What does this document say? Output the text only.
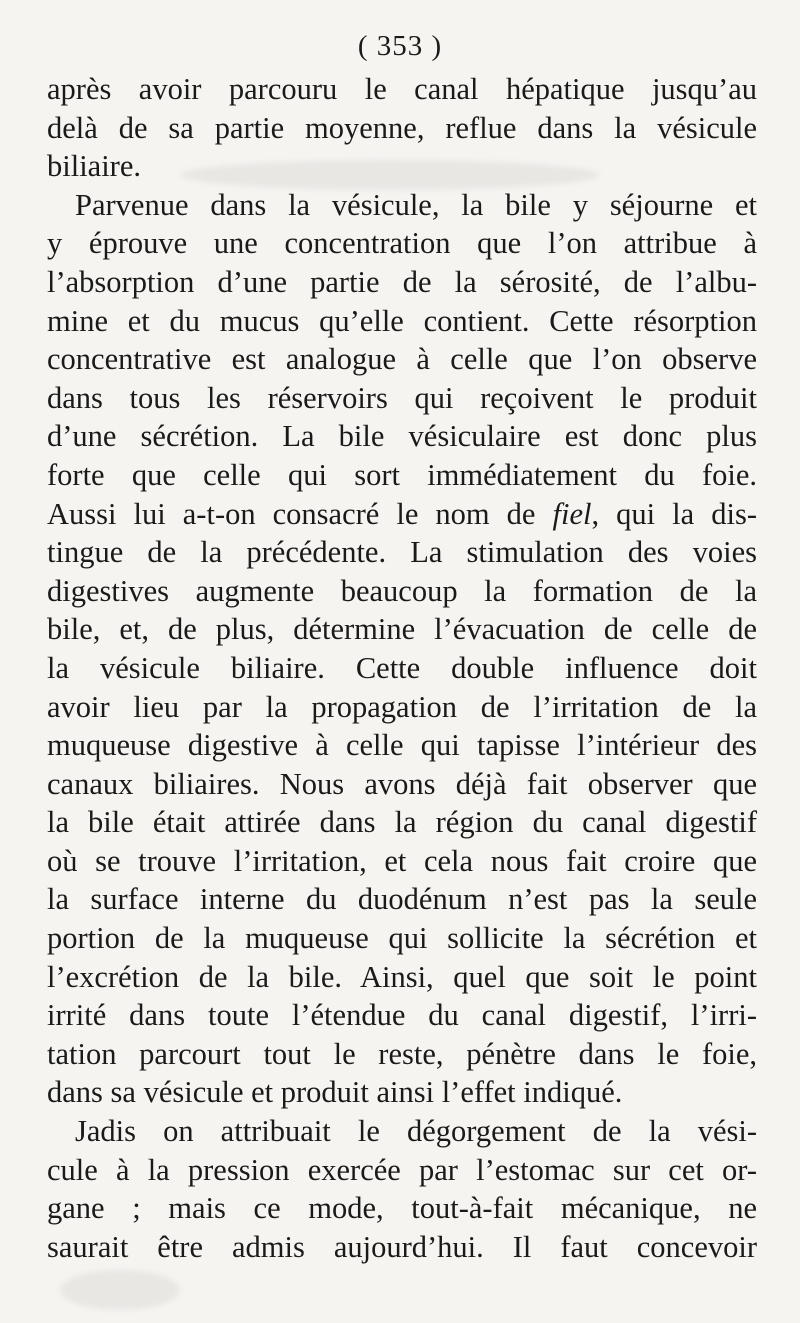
( 353 )
après avoir parcouru le canal hépatique jusqu’au
delà de sa partie moyenne, reflue dans la vésicule
biliaire.
Parvenue dans la vésicule, la bile y séjourne et
y éprouve une concentration que l’on attribue à
l’absorption d’une partie de la sérosité, de l’albu-
mine et du mucus qu’elle contient. Cette résorption
concentrative est analogue à celle que l’on observe
dans tous les réservoirs qui reçoivent le produit
d’une sécrétion. La bile vésiculaire est donc plus
forte que celle qui sort immédiatement du foie.
Aussi lui a-t-on consacré le nom de fiel, qui la dis-
tingue de la précédente. La stimulation des voies
digestives augmente beaucoup la formation de la
bile, et, de plus, détermine l’évacuation de celle de
la vésicule biliaire. Cette double influence doit
avoir lieu par la propagation de l’irritation de la
muqueuse digestive à celle qui tapisse l’intérieur des
canaux biliaires. Nous avons déjà fait observer que
la bile était attirée dans la région du canal digestif
où se trouve l’irritation, et cela nous fait croire que
la surface interne du duodénum n’est pas la seule
portion de la muqueuse qui sollicite la sécrétion et
l’excrétion de la bile. Ainsi, quel que soit le point
irrité dans toute l’étendue du canal digestif, l’irri-
tation parcourt tout le reste, pénètre dans le foie,
dans sa vésicule et produit ainsi l’effet indiqué.
Jadis on attribuait le dégorgement de la vési-
cule à la pression exercée par l’estomac sur cet or-
gane ; mais ce mode, tout-à-fait mécanique, ne
saurait être admis aujourd’hui. Il faut concevoir
